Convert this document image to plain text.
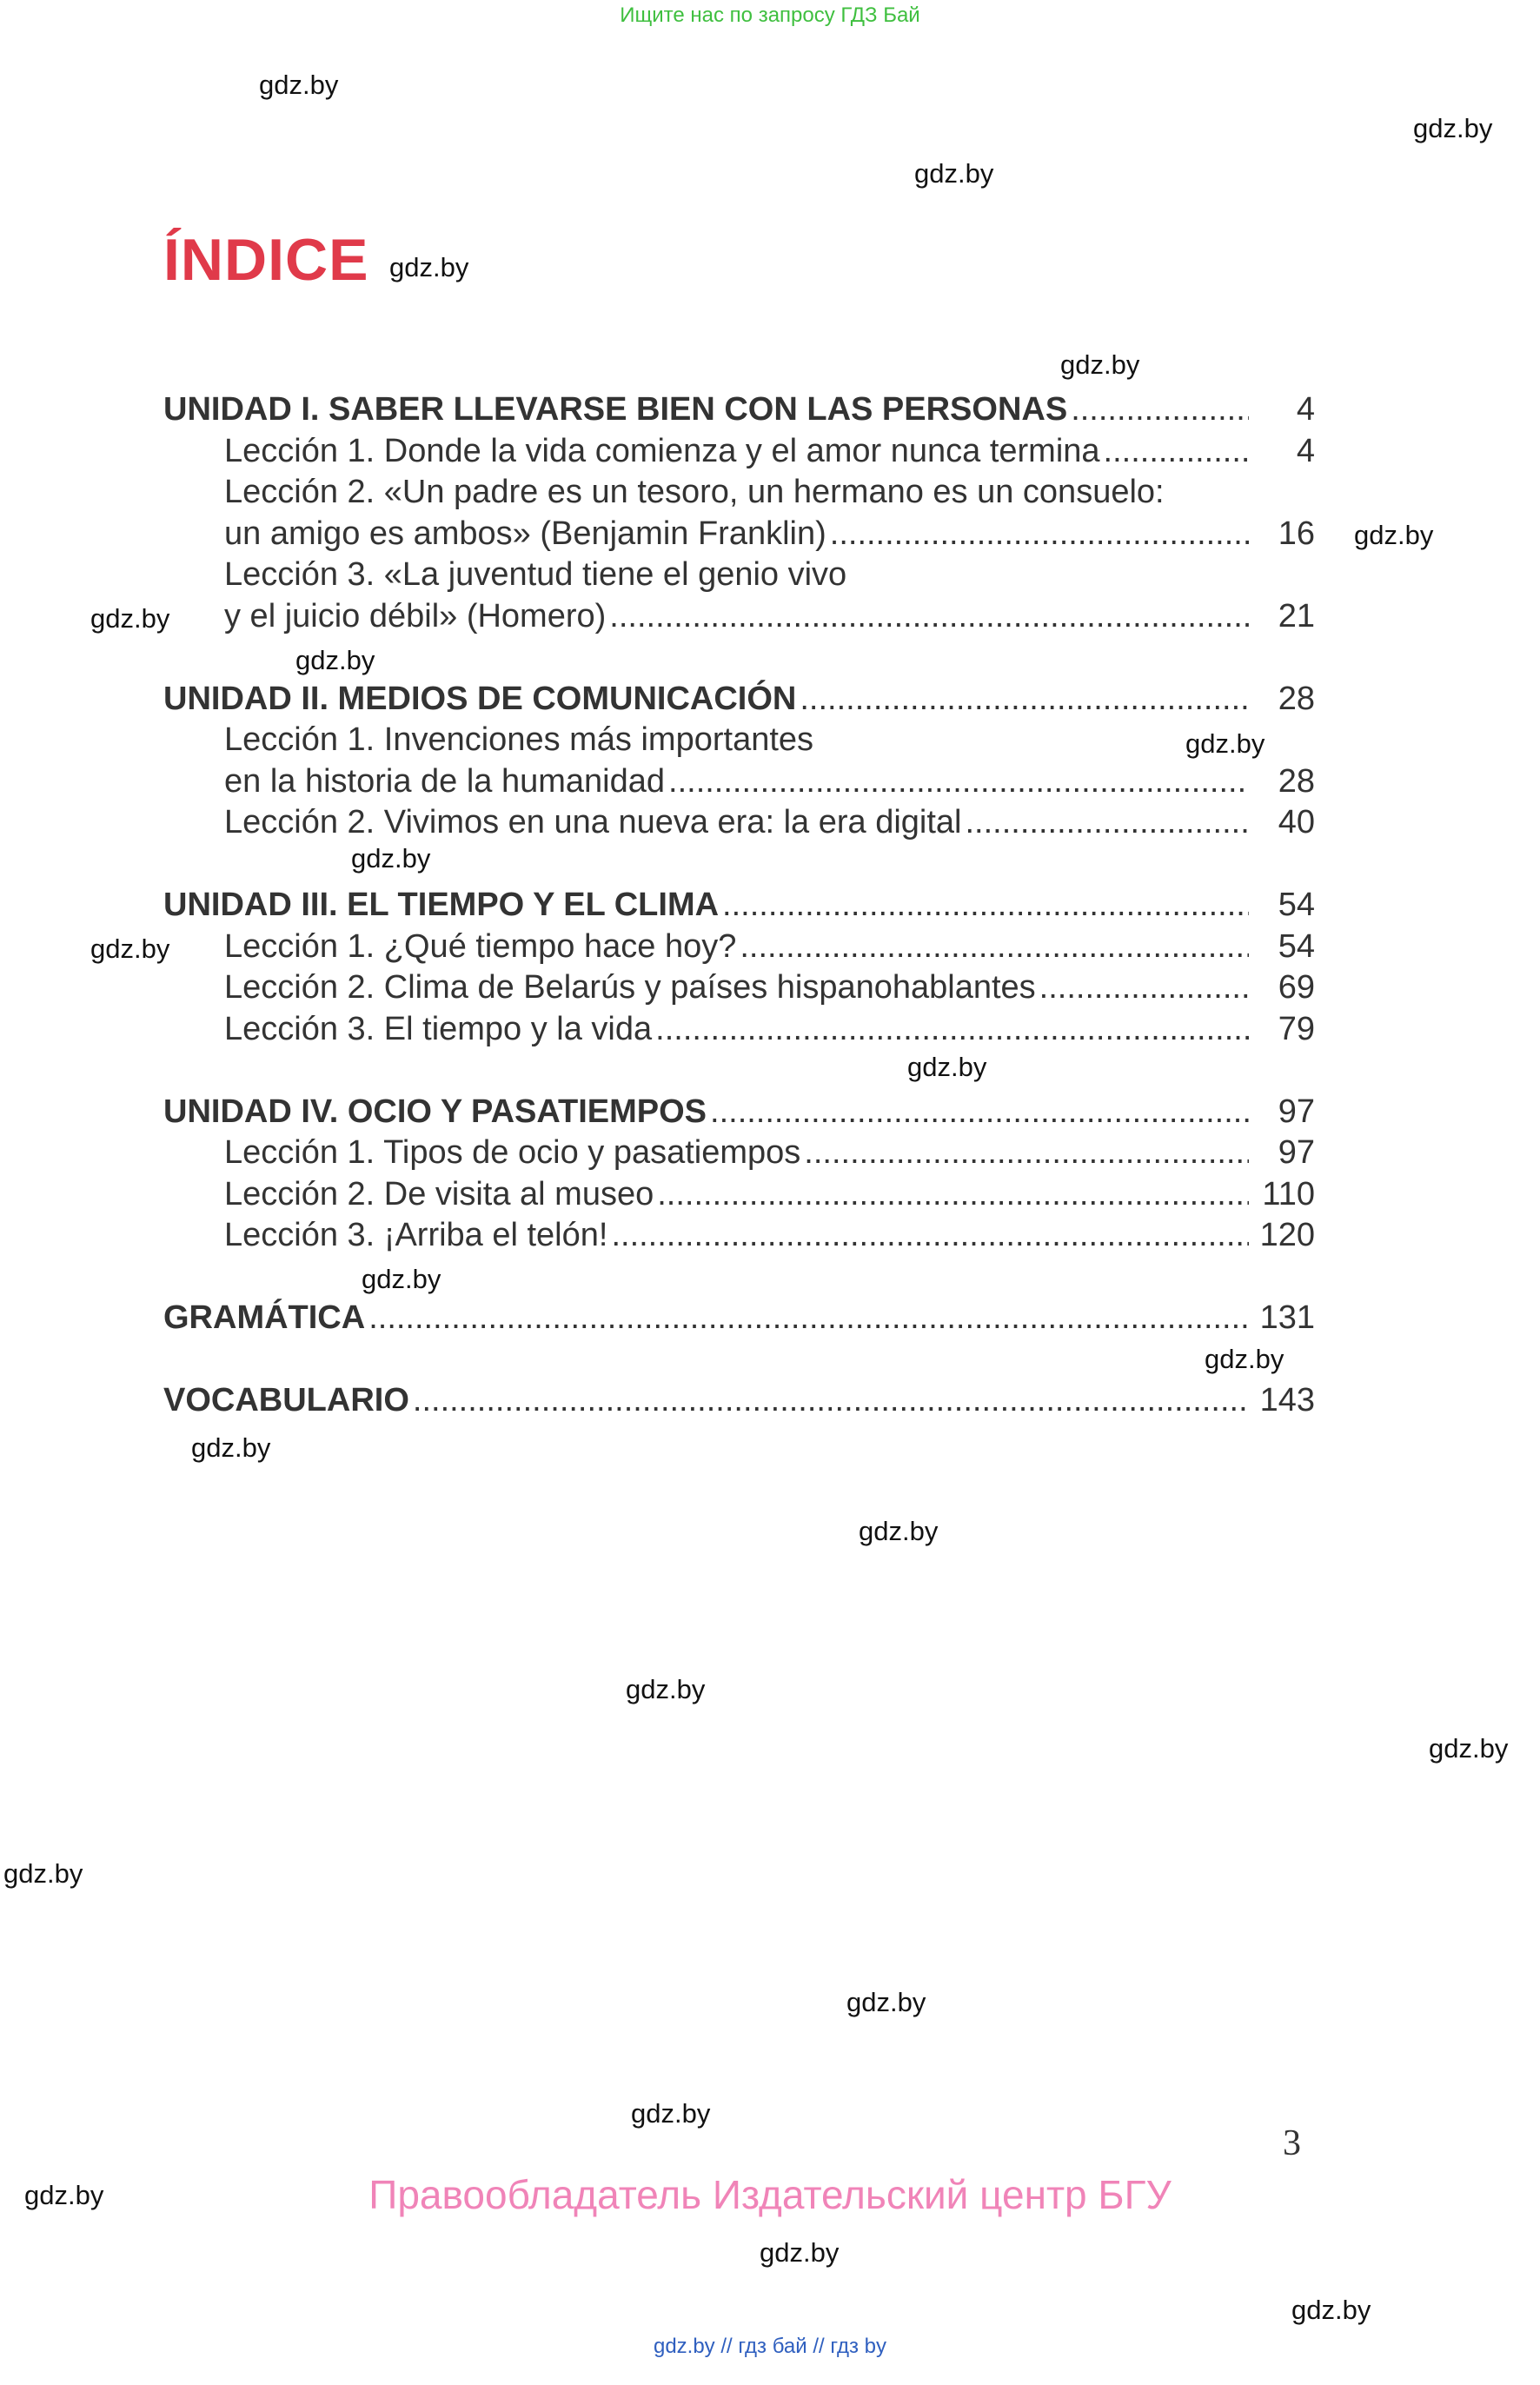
Ищите нас по запросу ГДЗ Бай
gdz.by
gdz.by
gdz.by
gdz.by
gdz.by
gdz.by
gdz.by
gdz.by
gdz.by
gdz.by
gdz.by
gdz.by
gdz.by
gdz.by
gdz.by
gdz.by
gdz.by
gdz.by
gdz.by
gdz.by
gdz.by
gdz.by
gdz.by
gdz.by
ÍNDICE
UNIDAD I. SABER LLEVARSE BIEN CON LAS PERSONAS .....	4
Lección 1. Donde la vida comienza y el amor nunca termina .....	4
Lección 2. «Un padre es un tesoro, un hermano es un consuelo:
un amigo es ambos» (Benjamin Franklin) .....	16
Lección 3. «La juventud tiene el genio vivo
y el juicio débil» (Homero) .....	21
UNIDAD II. MEDIOS DE COMUNICACIÓN .....	28
Lección 1. Invenciones más importantes
en la historia de la humanidad .....	28
Lección 2. Vivimos en una nueva era: la era digital .....	40
UNIDAD III. EL TIEMPO Y EL CLIMA .....	54
Lección 1. ¿Qué tiempo hace hoy? .....	54
Lección 2. Clima de Belarús y países hispanohablantes .....	69
Lección 3. El tiempo y la vida .....	79
UNIDAD IV. OCIO Y PASATIEMPOS .....	97
Lección 1. Tipos de ocio y pasatiempos .....	97
Lección 2. De visita al museo .....	110
Lección 3. ¡Arriba el telón! .....	120
GRAMÁTICA .....	131
VOCABULARIO .....	143
3
Правообладатель Издательский центр БГУ
gdz.by // гдз бай // гдз by
